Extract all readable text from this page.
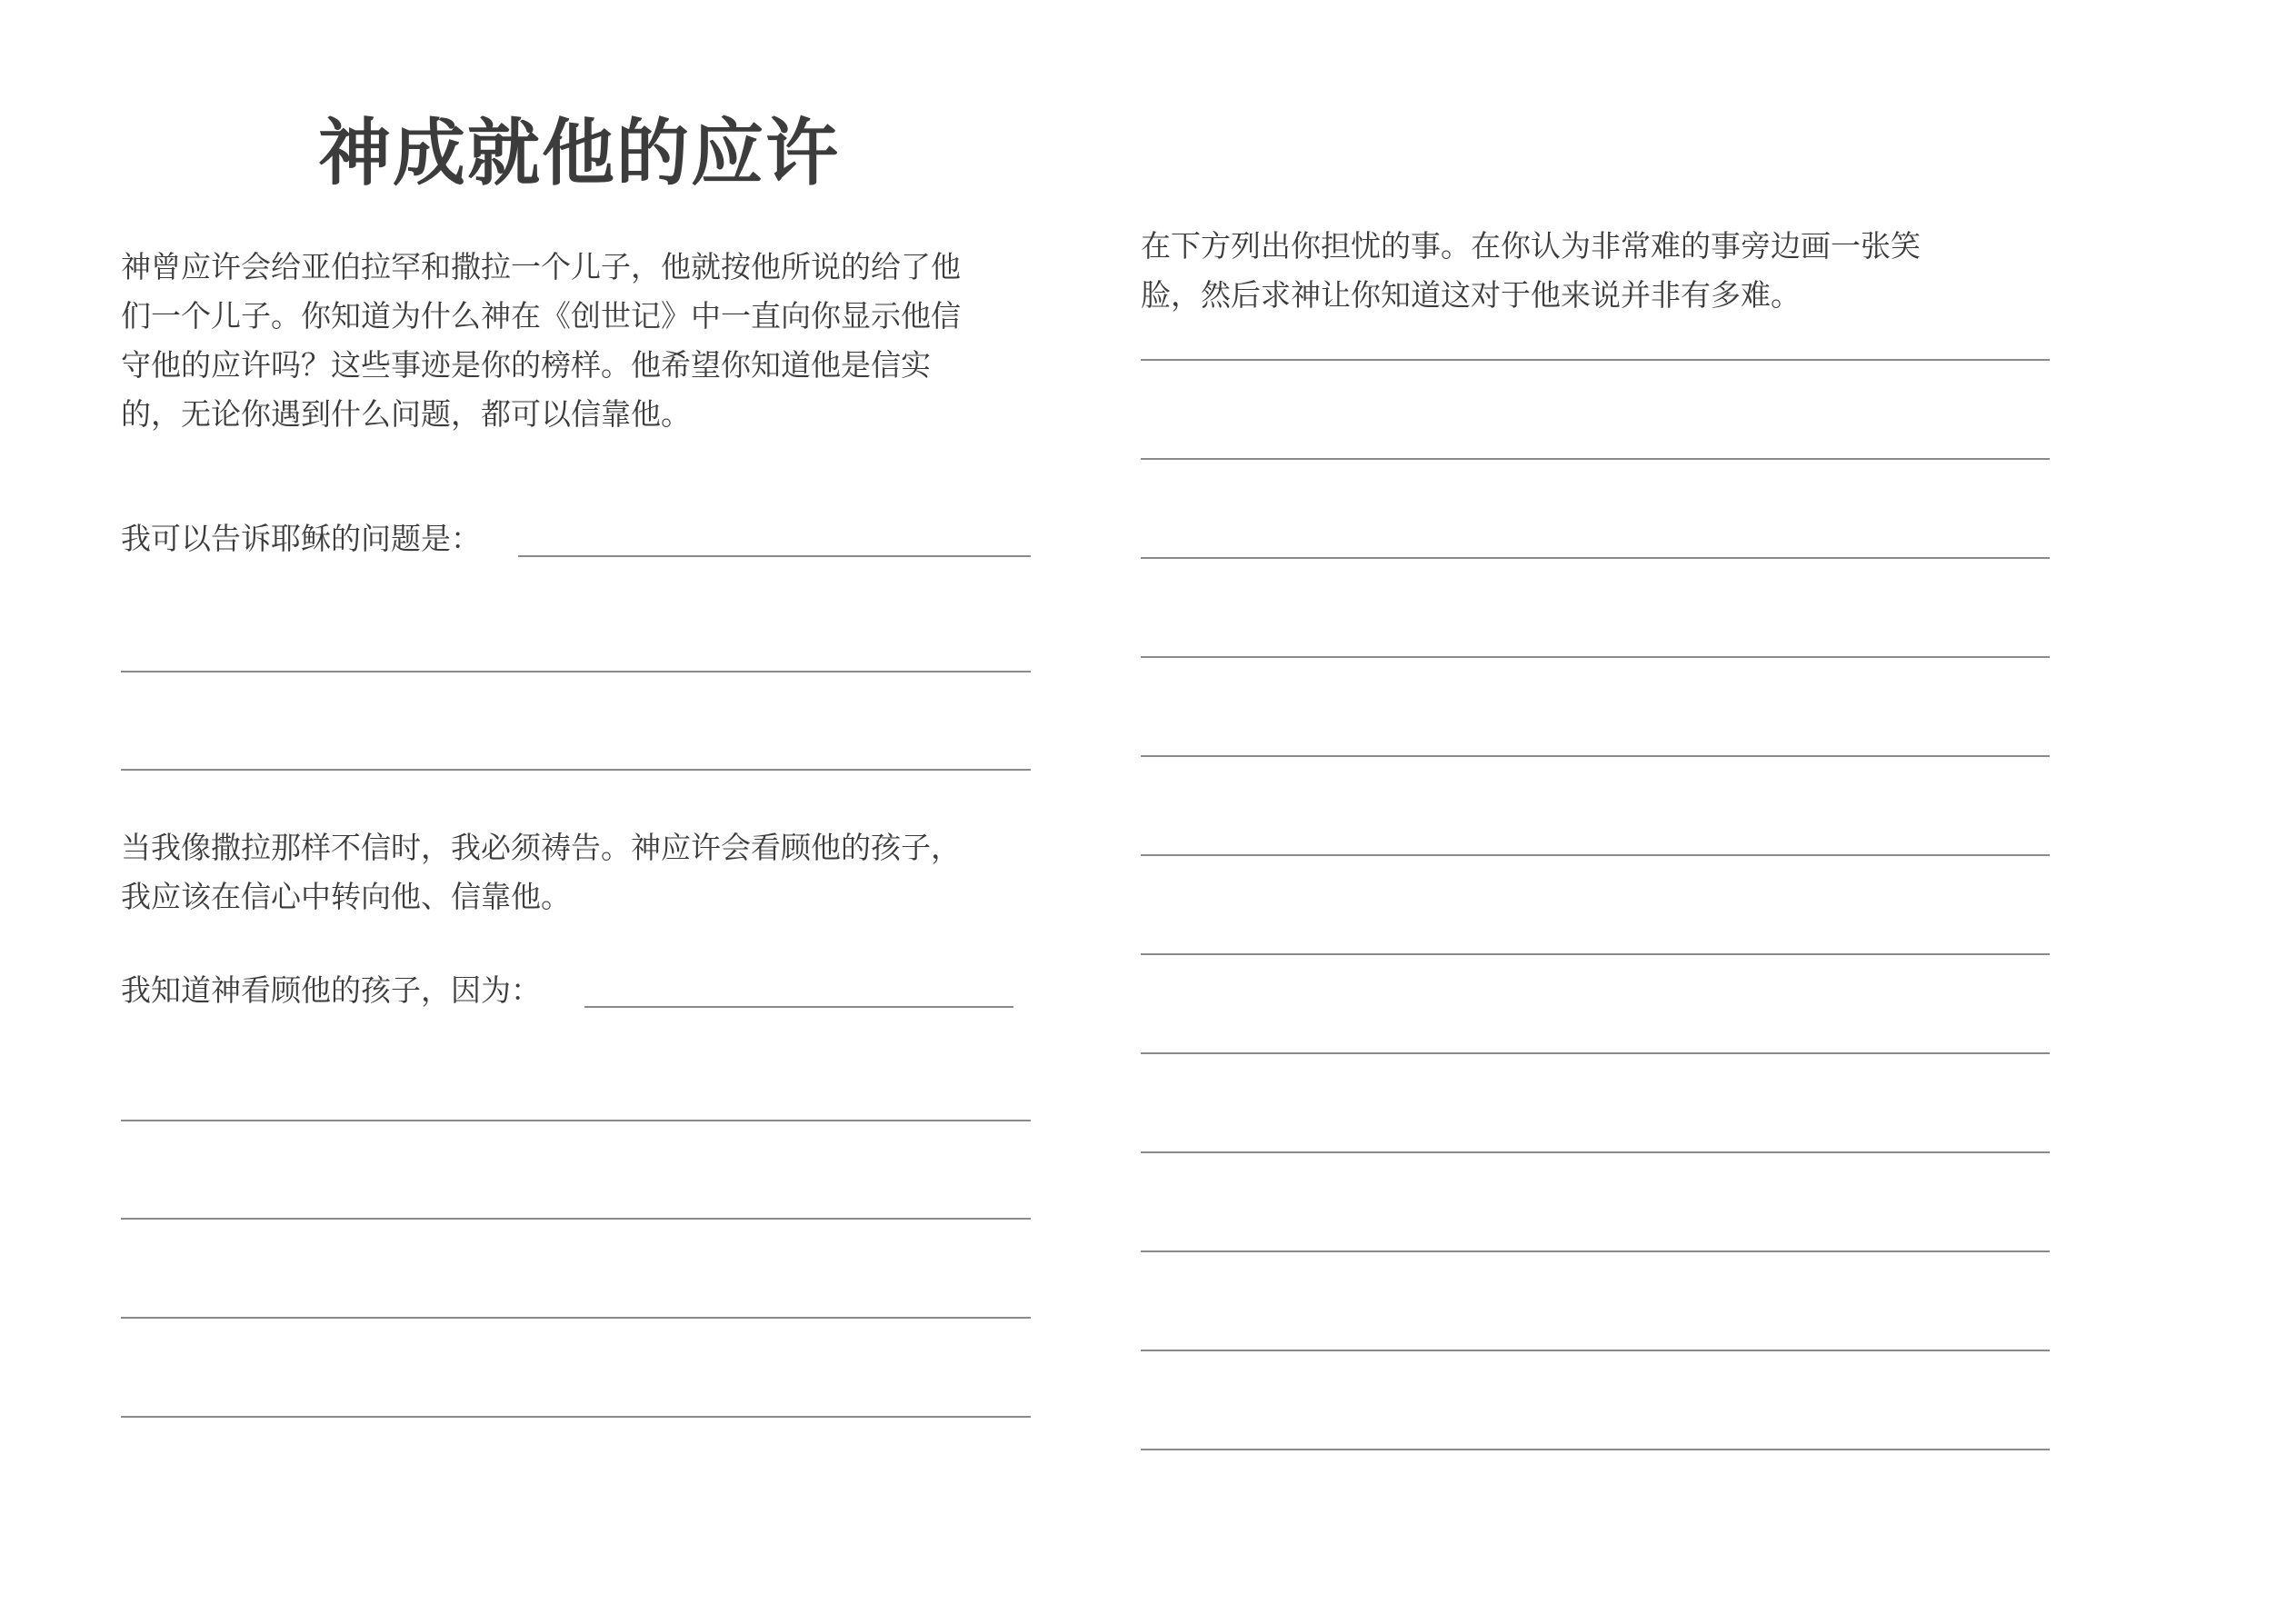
神成就他的应许
神曾应许会给亚伯拉罕和撒拉一个儿子，他就按他所说的给了他
们一个儿子。你知道为什么神在《创世记》中一直向你显示他信
守他的应许吗？这些事迹是你的榜样。他希望你知道他是信实
的，无论你遇到什么问题，都可以信靠他。
我可以告诉耶稣的问题是：
当我像撒拉那样不信时，我必须祷告。神应许会看顾他的孩子，
我应该在信心中转向他、信靠他。
我知道神看顾他的孩子，因为：
在下方列出你担忧的事。在你认为非常难的事旁边画一张笑
脸，然后求神让你知道这对于他来说并非有多难。
